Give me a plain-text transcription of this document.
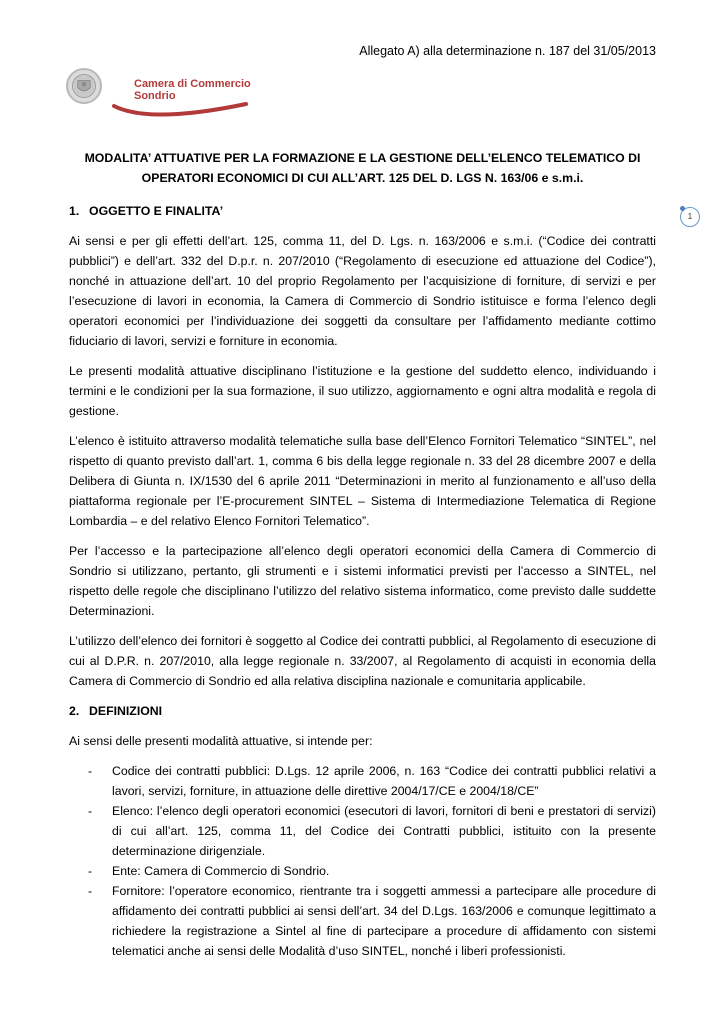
Allegato A) alla determinazione n. 187 del 31/05/2013
Camera di Commercio
Sondrio
1
MODALITA’ ATTUATIVE PER LA FORMAZIONE E LA GESTIONE DELL’ELENCO TELEMATICO DI OPERATORI ECONOMICI DI CUI ALL’ART. 125 DEL D. LGS N. 163/06 e s.m.i.
1. OGGETTO E FINALITA’

Ai sensi e per gli effetti dell’art. 125, comma 11, del D. Lgs. n. 163/2006 e s.m.i. (“Codice dei contratti pubblici”) e dell’art. 332 del D.p.r. n. 207/2010 (“Regolamento di esecuzione ed attuazione del Codice”), nonché in attuazione dell’art. 10 del proprio Regolamento per l’acquisizione di forniture, di servizi e per l’esecuzione di lavori in economia, la Camera di Commercio di Sondrio istituisce e forma l’elenco degli operatori economici per l’individuazione dei soggetti da consultare per l’affidamento mediante cottimo fiduciario di lavori, servizi e forniture in economia.

Le presenti modalità attuative disciplinano l’istituzione e la gestione del suddetto elenco, individuando i termini e le condizioni per la sua formazione, il suo utilizzo, aggiornamento e ogni altra modalità e regola di gestione.

L’elenco è istituito attraverso modalità telematiche sulla base dell’Elenco Fornitori Telematico “SINTEL”, nel rispetto di quanto previsto dall’art. 1, comma 6 bis della legge regionale n. 33 del 28 dicembre 2007 e della Delibera di Giunta n. IX/1530 del 6 aprile 2011 “Determinazioni in merito al funzionamento e all’uso della piattaforma regionale per l’E-procurement SINTEL – Sistema di Intermediazione Telematica di Regione Lombardia – e del relativo Elenco Fornitori Telematico”.

Per l’accesso e la partecipazione all’elenco degli operatori economici della Camera di Commercio di Sondrio si utilizzano, pertanto, gli strumenti e i sistemi informatici previsti per l’accesso a SINTEL, nel rispetto delle regole che disciplinano l’utilizzo del relativo sistema informatico, come previsto dalle suddette Determinazioni.

L’utilizzo dell’elenco dei fornitori è soggetto al Codice dei contratti pubblici, al Regolamento di esecuzione di cui al D.P.R. n. 207/2010, alla legge regionale n. 33/2007, al Regolamento di acquisti in economia della Camera di Commercio di Sondrio ed alla relativa disciplina nazionale e comunitaria applicabile.

2. DEFINIZIONI

Ai sensi delle presenti modalità attuative, si intende per:

- Codice dei contratti pubblici: D.Lgs. 12 aprile 2006, n. 163 “Codice dei contratti pubblici relativi a lavori, servizi, forniture, in attuazione delle direttive 2004/17/CE e 2004/18/CE”
- Elenco: l’elenco degli operatori economici (esecutori di lavori, fornitori di beni e prestatori di servizi) di cui all’art. 125, comma 11, del Codice dei Contratti pubblici, istituito con la presente determinazione dirigenziale.
- Ente: Camera di Commercio di Sondrio.
- Fornitore: l’operatore economico, rientrante tra i soggetti ammessi a partecipare alle procedure di affidamento dei contratti pubblici ai sensi dell’art. 34 del D.Lgs. 163/2006 e comunque legittimato a richiedere la registrazione a Sintel al fine di partecipare a procedure di affidamento con sistemi telematici anche ai sensi delle Modalità d’uso SINTEL, nonché i liberi professionisti.
